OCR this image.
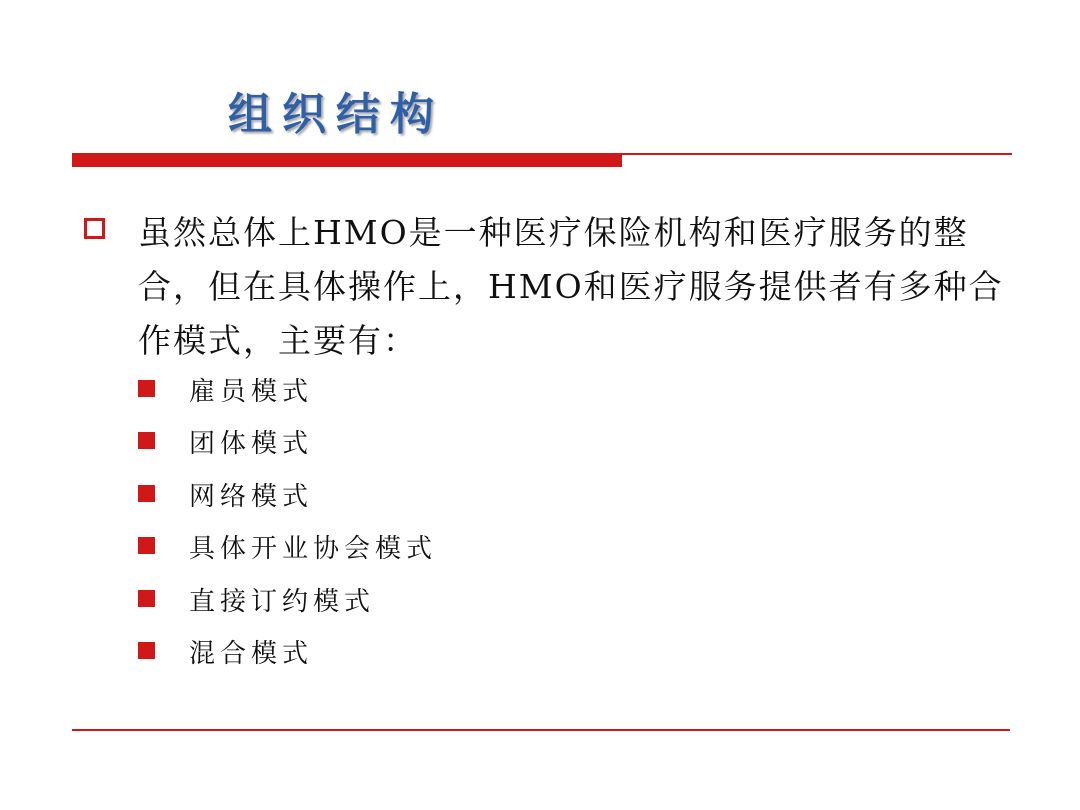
组织结构
虽然总体上HMO是一种医疗保险机构和医疗服务的整合，但在具体操作上，HMO和医疗服务提供者有多种合作模式，主要有：
雇员模式
团体模式
网络模式
具体开业协会模式
直接订约模式
混合模式
